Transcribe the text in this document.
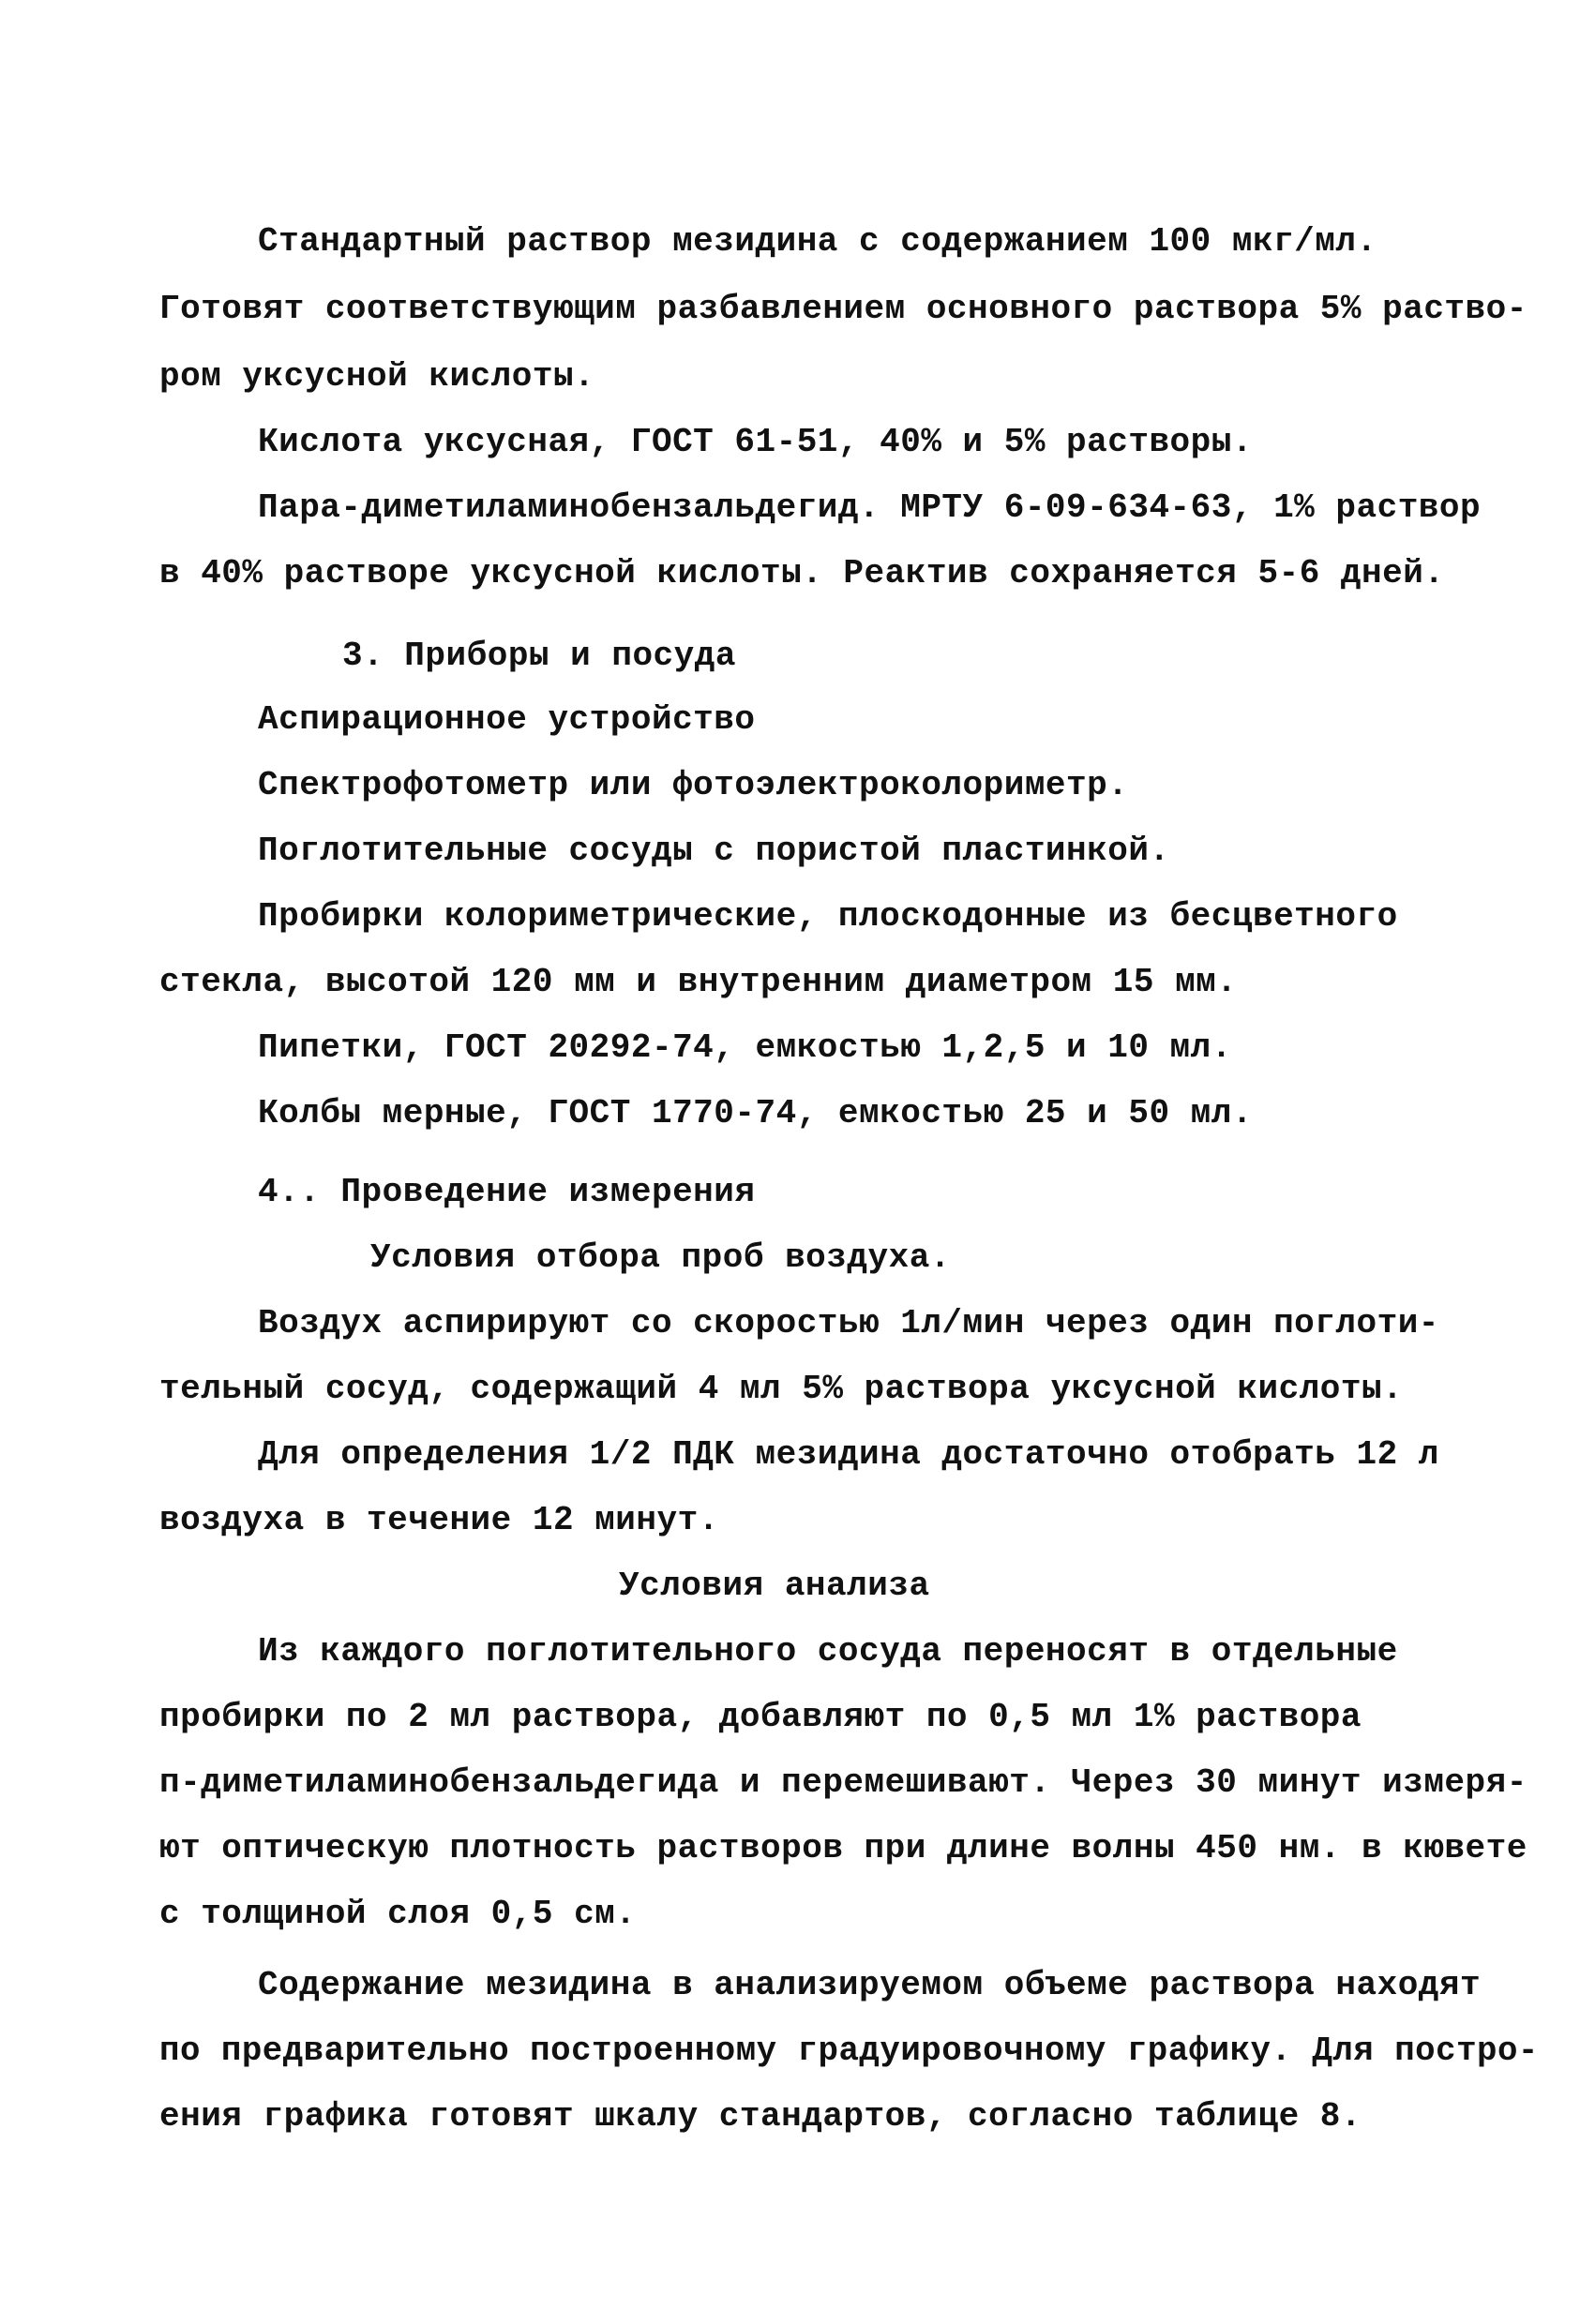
Стандартный раствор мезидина с содержанием 100 мкг/мл.
Готовят соответствующим разбавлением основного раствора 5% раство-
ром уксусной кислоты.
Кислота уксусная, ГОСТ 61-51, 40% и 5% растворы.
Пара-диметиламинобензальдегид. МРТУ 6-09-634-63, 1% раствор
в 40% растворе уксусной кислоты. Реактив сохраняется 5-6 дней.
3. Приборы и посуда
Аспирационное устройство
Спектрофотометр или фотоэлектроколориметр.
Поглотительные сосуды с пористой пластинкой.
Пробирки колориметрические, плоскодонные из бесцветного
стекла, высотой 120 мм и внутренним диаметром 15 мм.
Пипетки, ГОСТ 20292-74, емкостью 1,2,5 и 10 мл.
Колбы мерные, ГОСТ 1770-74, емкостью 25 и 50 мл.
4.. Проведение измерения
Условия отбора проб воздуха.
Воздух аспирируют со скоростью 1л/мин через один поглоти-
тельный сосуд, содержащий 4 мл 5% раствора уксусной кислоты.
Для определения 1/2 ПДК мезидина достаточно отобрать 12 л
воздуха в течение 12 минут.
Условия анализа
Из каждого поглотительного сосуда переносят в отдельные
пробирки по 2 мл раствора, добавляют по 0,5 мл 1% раствора
п-диметиламинобензальдегида и перемешивают. Через 30 минут измеря-
ют оптическую плотность растворов при длине волны 450 нм. в кювете
с толщиной слоя 0,5 см.
Содержание мезидина в анализируемом объеме раствора находят
по предварительно построенному градуировочному графику. Для постро-
ения графика готовят шкалу стандартов, согласно таблице 8.
